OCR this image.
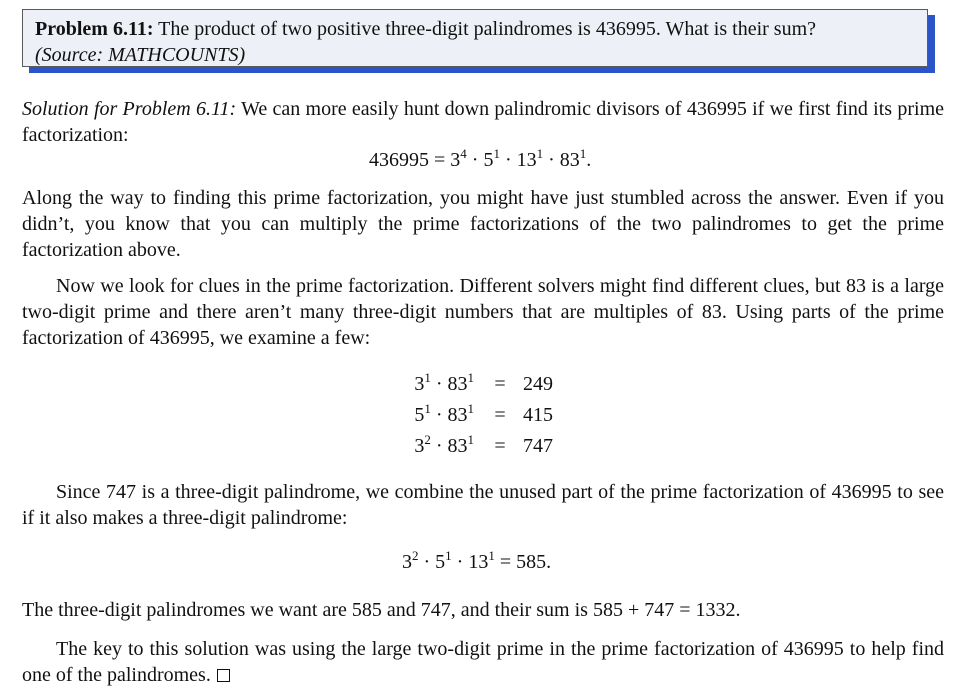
Problem 6.11: The product of two positive three-digit palindromes is 436995. What is their sum?
(Source: MATHCOUNTS)
Solution for Problem 6.11: We can more easily hunt down palindromic divisors of 436995 if we first find its prime factorization:
$436995 = 3^4 \cdot 5^1 \cdot 13^1 \cdot 83^1$.
Along the way to finding this prime factorization, you might have just stumbled across the answer. Even if you didn’t, you know that you can multiply the prime factorizations of the two palindromes to get the prime factorization above.
Now we look for clues in the prime factorization. Different solvers might find different clues, but 83 is a large two-digit prime and there aren’t many three-digit numbers that are multiples of 83. Using parts of the prime factorization of 436995, we examine a few:
$3^1 \cdot 83^1 = 249$
$5^1 \cdot 83^1 = 415$
$3^2 \cdot 83^1 = 747$
Since 747 is a three-digit palindrome, we combine the unused part of the prime factorization of 436995 to see if it also makes a three-digit palindrome:
$3^2 \cdot 5^1 \cdot 13^1 = 585$.
The three-digit palindromes we want are 585 and 747, and their sum is 585 + 747 = 1332.
The key to this solution was using the large two-digit prime in the prime factorization of 436995 to help find one of the palindromes.
